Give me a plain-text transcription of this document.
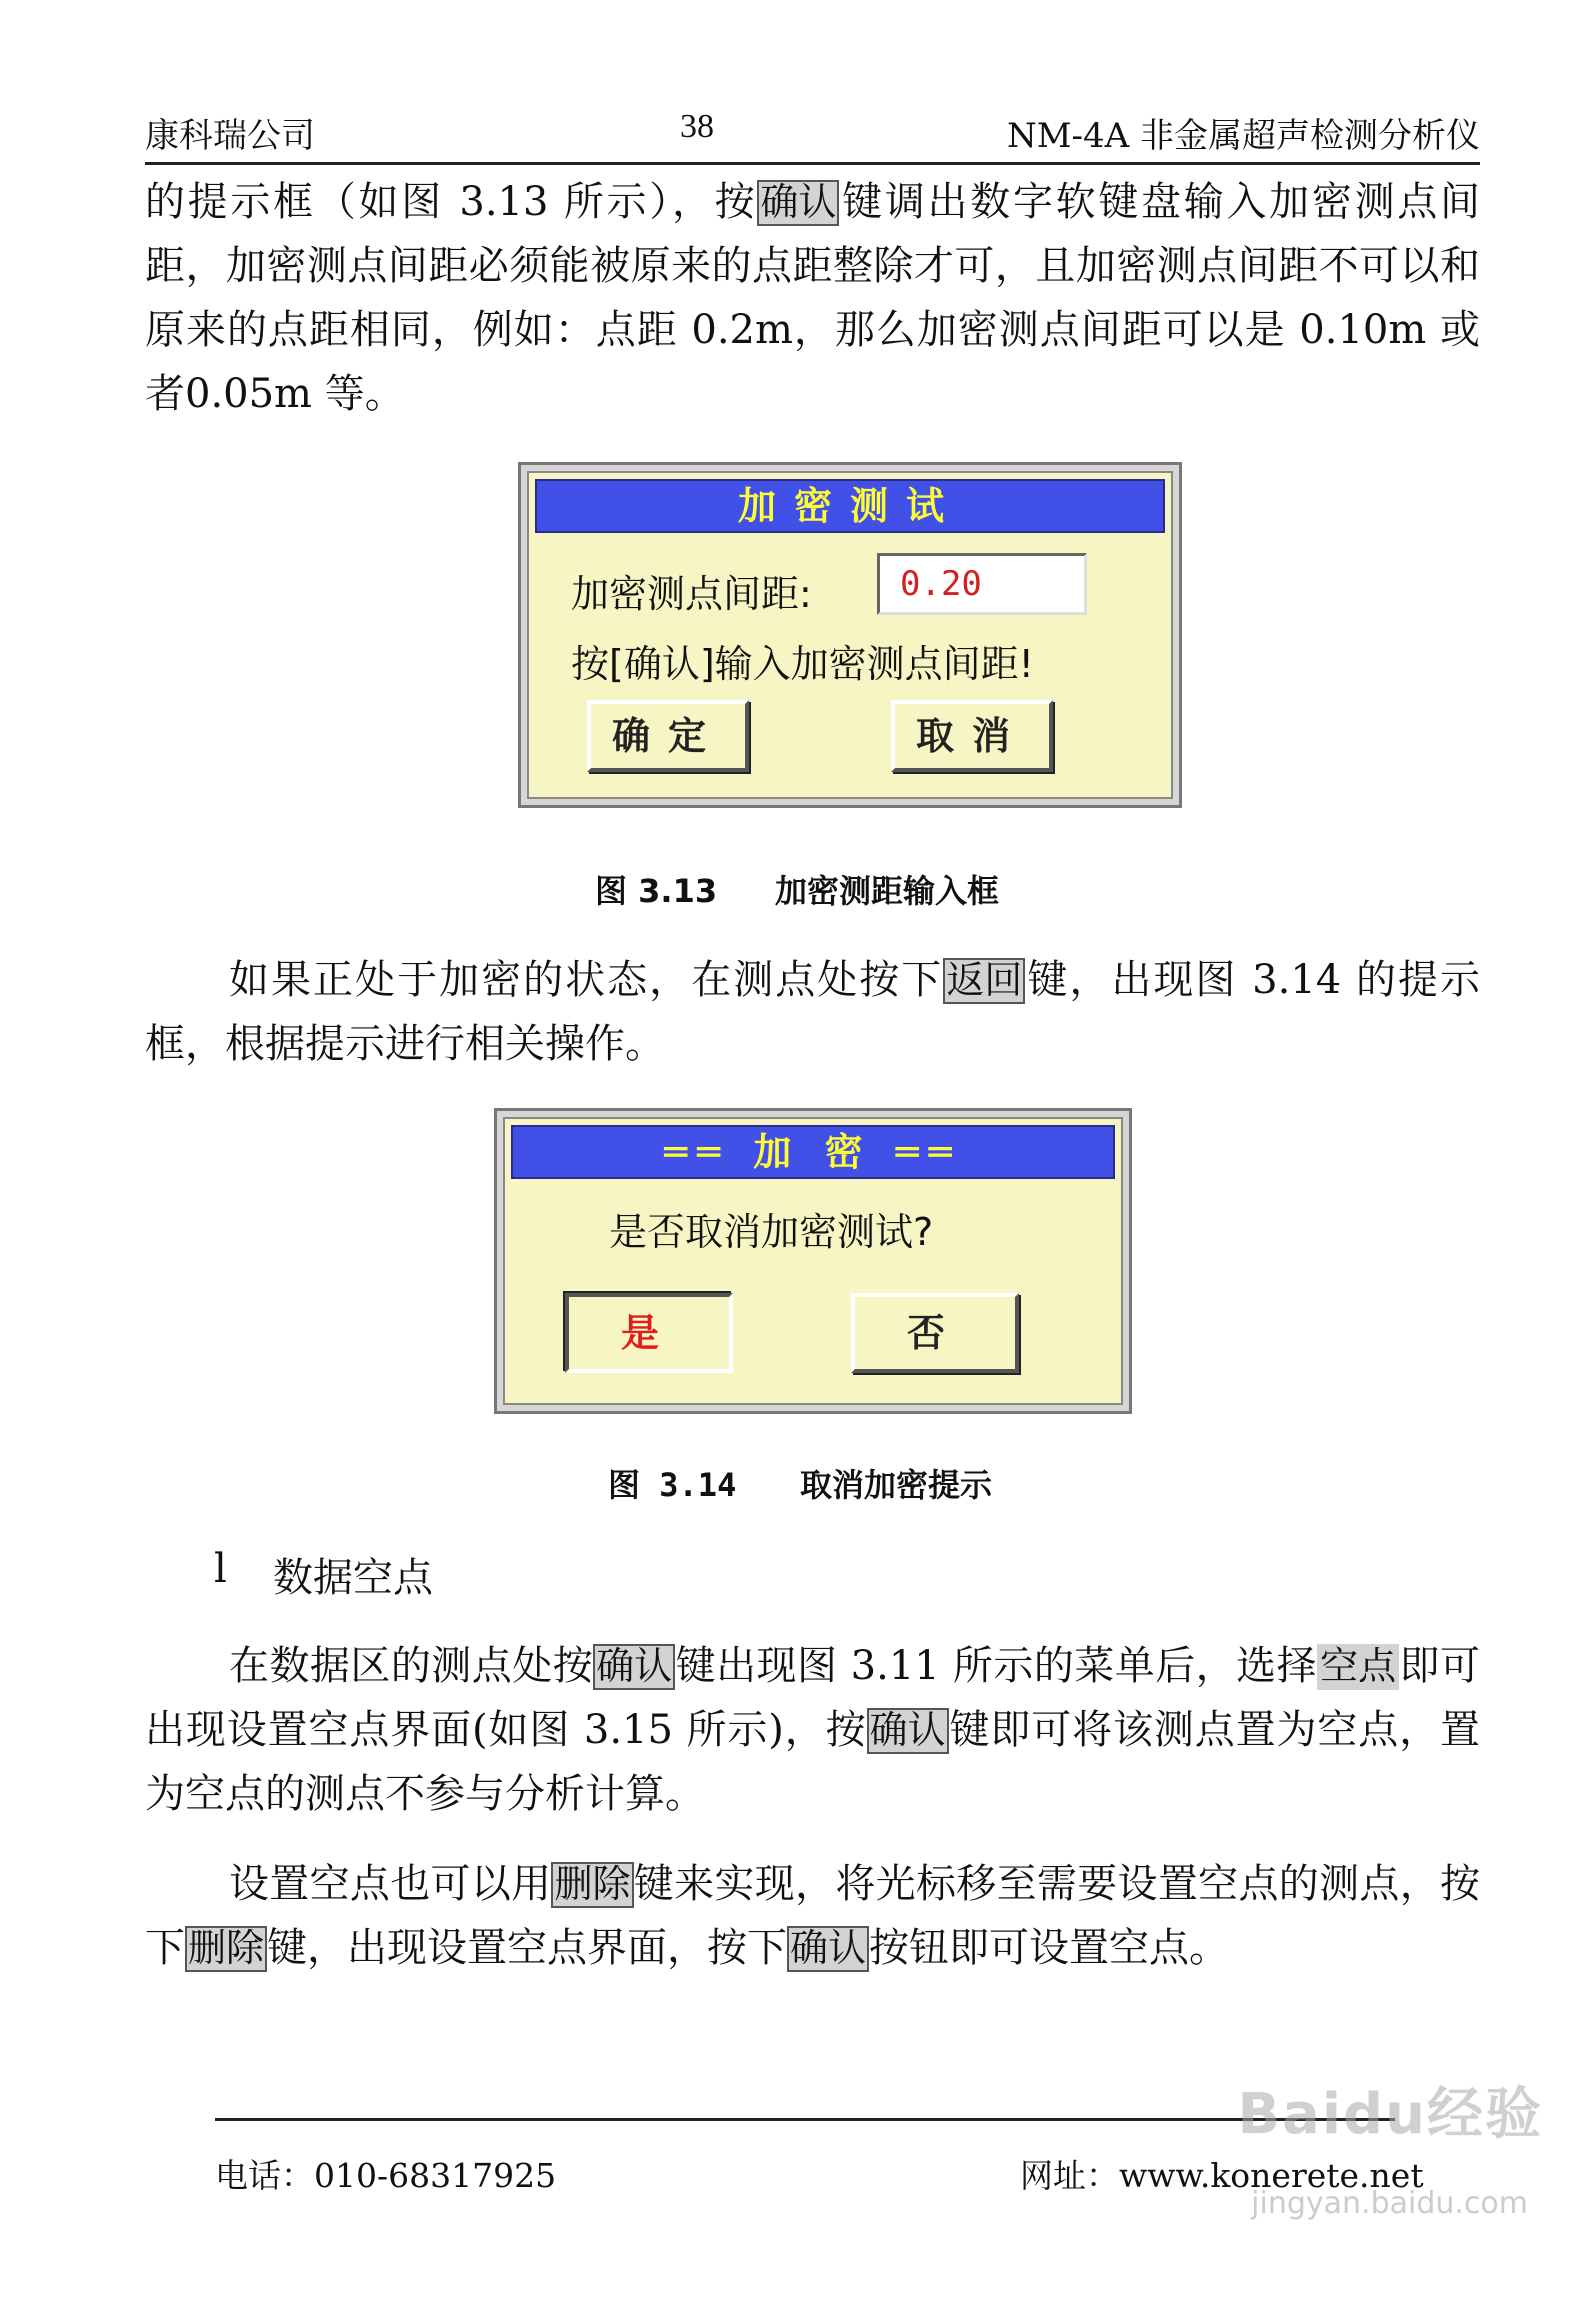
康科瑞公司	38	NM-4A 非金属超声检测分析仪
的提示框（如图 3.13 所示），按确认键调出数字软键盘输入加密测点间距，加密测点间距必须能被原来的点距整除才可，且加密测点间距不可以和原来的点距相同，例如：点距 0.2m，那么加密测点间距可以是 0.10m 或者0.05m 等。
加密测试
加密测点间距:	0.20
按[确认]输入加密测点间距!
确定	取消
图 3.13 加密测距输入框
如果正处于加密的状态，在测点处按下返回键，出现图 3.14 的提示框，根据提示进行相关操作。
══ 加 密 ══
是否取消加密测试?
是	否
图 3.14 取消加密提示
l 数据空点
在数据区的测点处按确认键出现图 3.11 所示的菜单后，选择空点即可出现设置空点界面(如图 3.15 所示)，按确认键即可将该测点置为空点，置为空点的测点不参与分析计算。
设置空点也可以用删除键来实现，将光标移至需要设置空点的测点，按下删除键，出现设置空点界面，按下确认按钮即可设置空点。
电话：010-68317925	网址：www.konerete.net
Baidu经验
jingyan.baidu.com
